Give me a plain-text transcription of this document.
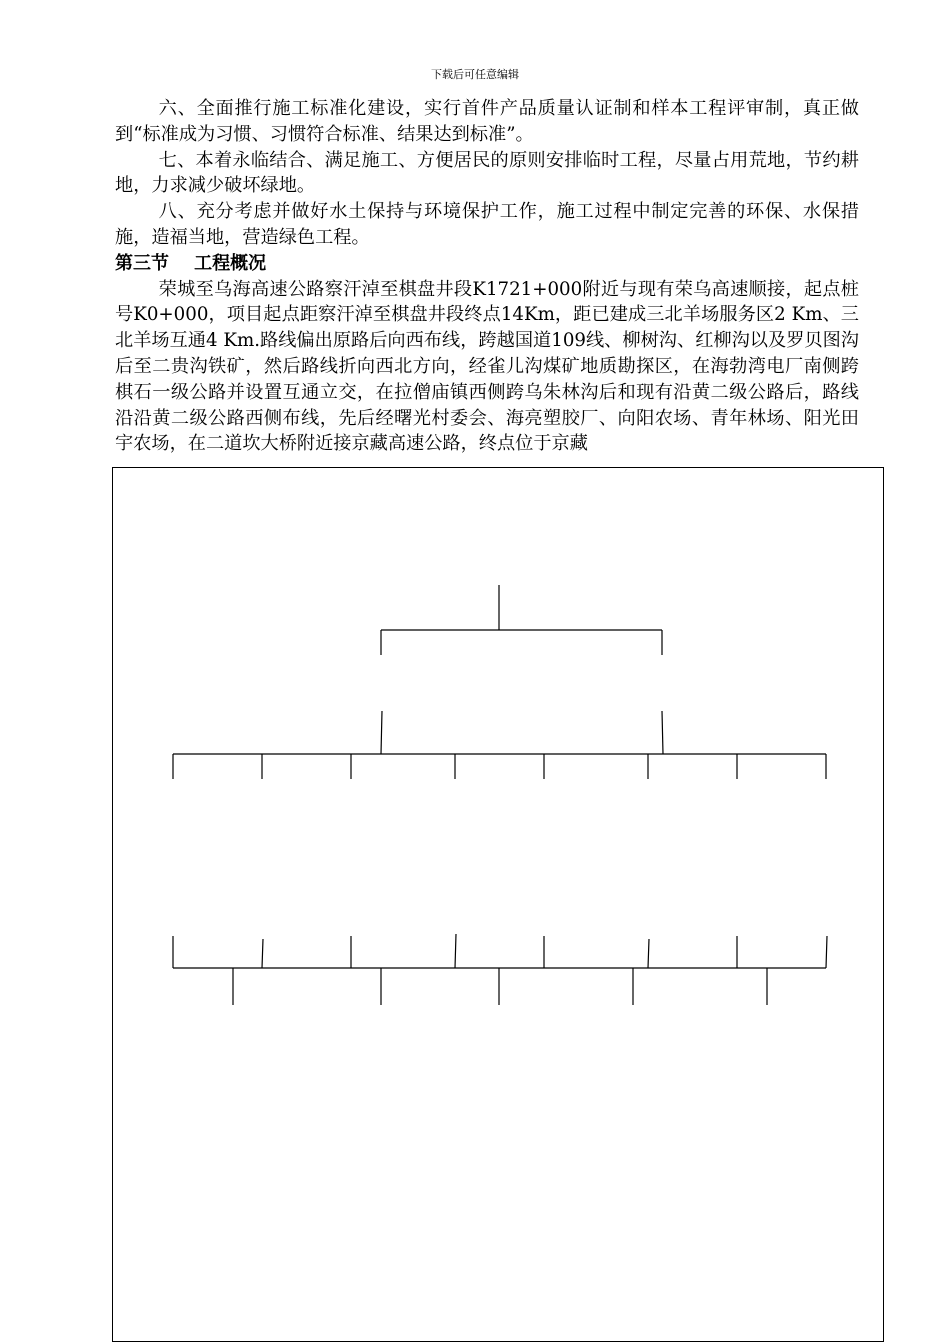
下载后可任意编辑

六、全面推行施工标准化建设，实行首件产品质量认证制和样本工程评审制，真正做到“标准成为习惯、习惯符合标准、结果达到标准”。

七、本着永临结合、满足施工、方便居民的原则安排临时工程，尽量占用荒地，节约耕地，力求减少破坏绿地。

八、充分考虑并做好水土保持与环境保护工作，施工过程中制定完善的环保、水保措施，造福当地，营造绿色工程。

第三节    工程概况

荣城至乌海高速公路察汗淖至棋盘井段K1721+000附近与现有荣乌高速顺接，起点桩号K0+000，项目起点距察汗淖至棋盘井段终点14Km，距已建成三北羊场服务区2 Km、三北羊场互通4 Km.路线偏出原路后向西布线，跨越国道109线、柳树沟、红柳沟以及罗贝图沟后至二贵沟铁矿，然后路线折向西北方向，经雀儿沟煤矿地质勘探区，在海勃湾电厂南侧跨棋石一级公路并设置互通立交，在拉僧庙镇西侧跨乌朱林沟后和现有沿黄二级公路后，路线沿沿黄二级公路西侧布线，先后经曙光村委会、海亮塑胶厂、向阳农场、青年林场、阳光田宇农场，在二道坎大桥附近接京藏高速公路，终点位于京藏
